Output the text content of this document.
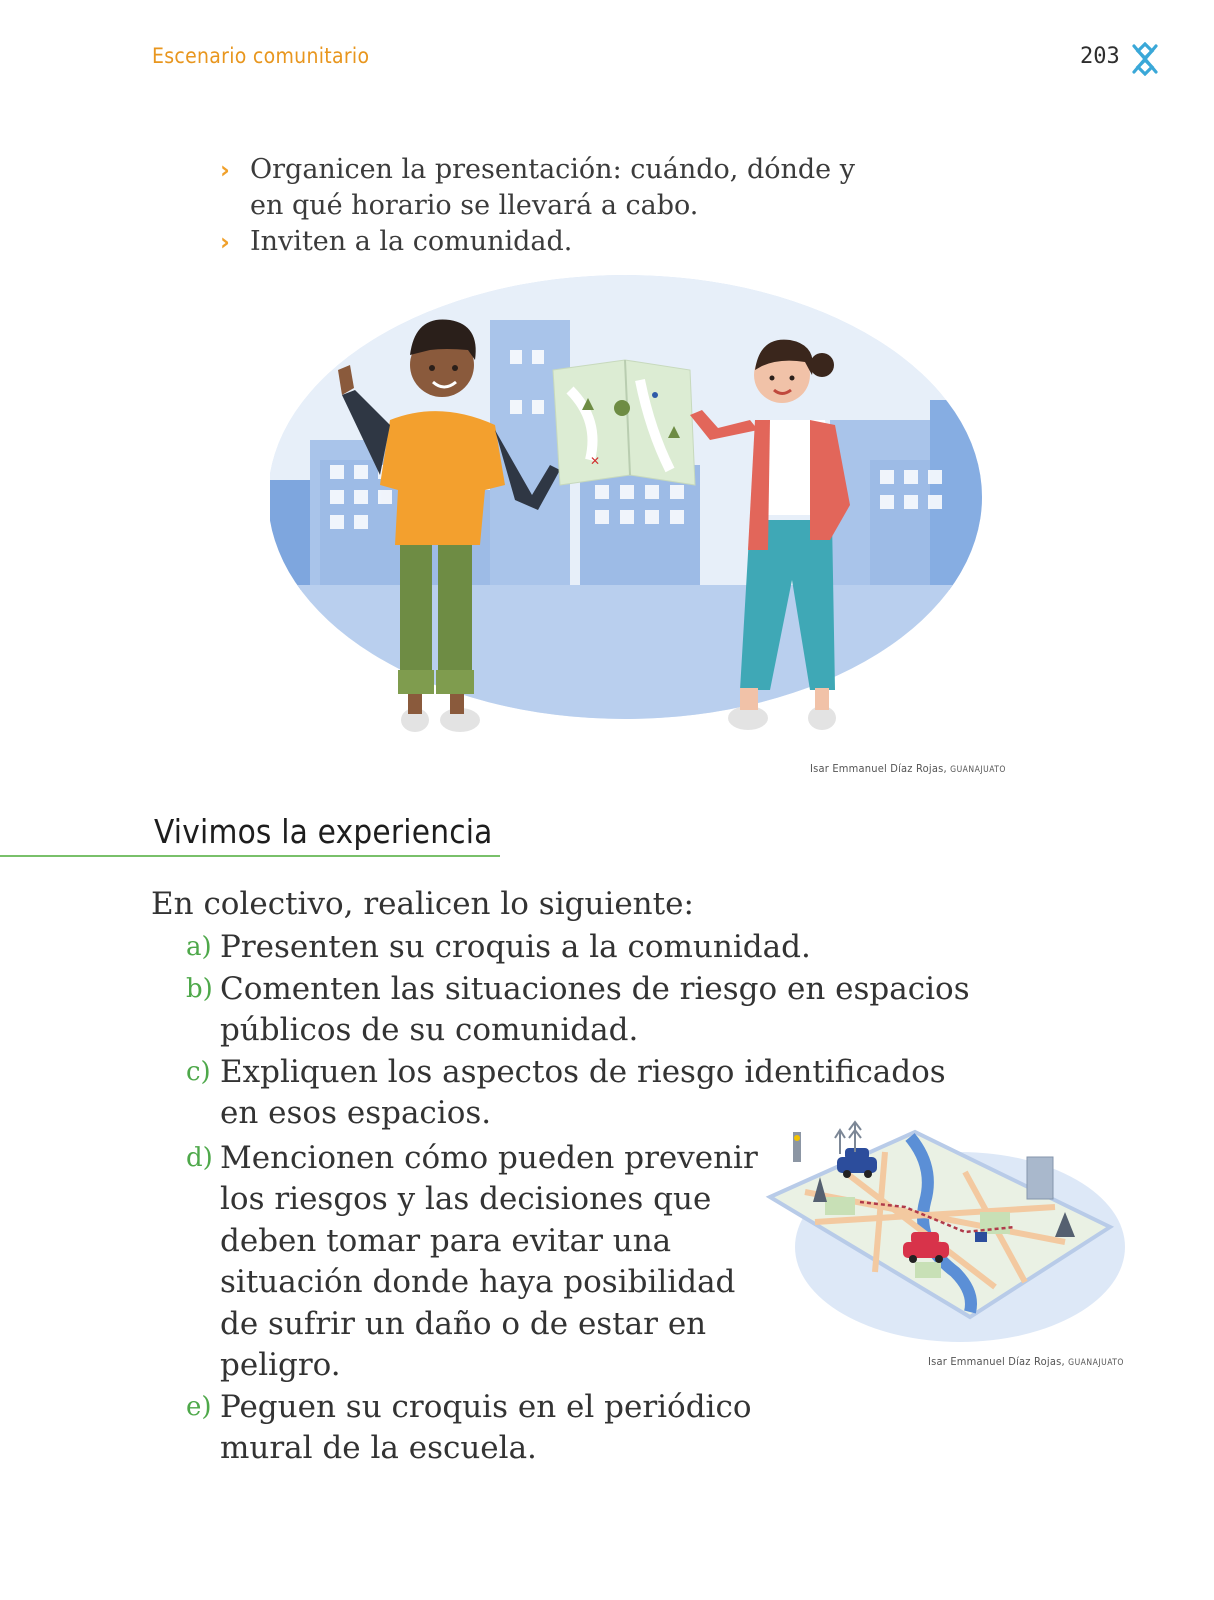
Escenario comunitario	203
› Organicen la presentación: cuándo, dónde y en qué horario se llevará a cabo.
› Inviten a la comunidad.
✕
Isar Emmanuel Díaz Rojas, GUANAJUATO
Vivimos la experiencia
En colectivo, realicen lo siguiente:
a) Presenten su croquis a la comunidad.
b) Comenten las situaciones de riesgo en espacios públicos de su comunidad.
c) Expliquen los aspectos de riesgo identificados en esos espacios.
d) Mencionen cómo pueden prevenir los riesgos y las decisiones que deben tomar para evitar una situación donde haya posibilidad de sufrir un daño o de estar en peligro.
e) Peguen su croquis en el periódico mural de la escuela.
Isar Emmanuel Díaz Rojas, GUANAJUATO
